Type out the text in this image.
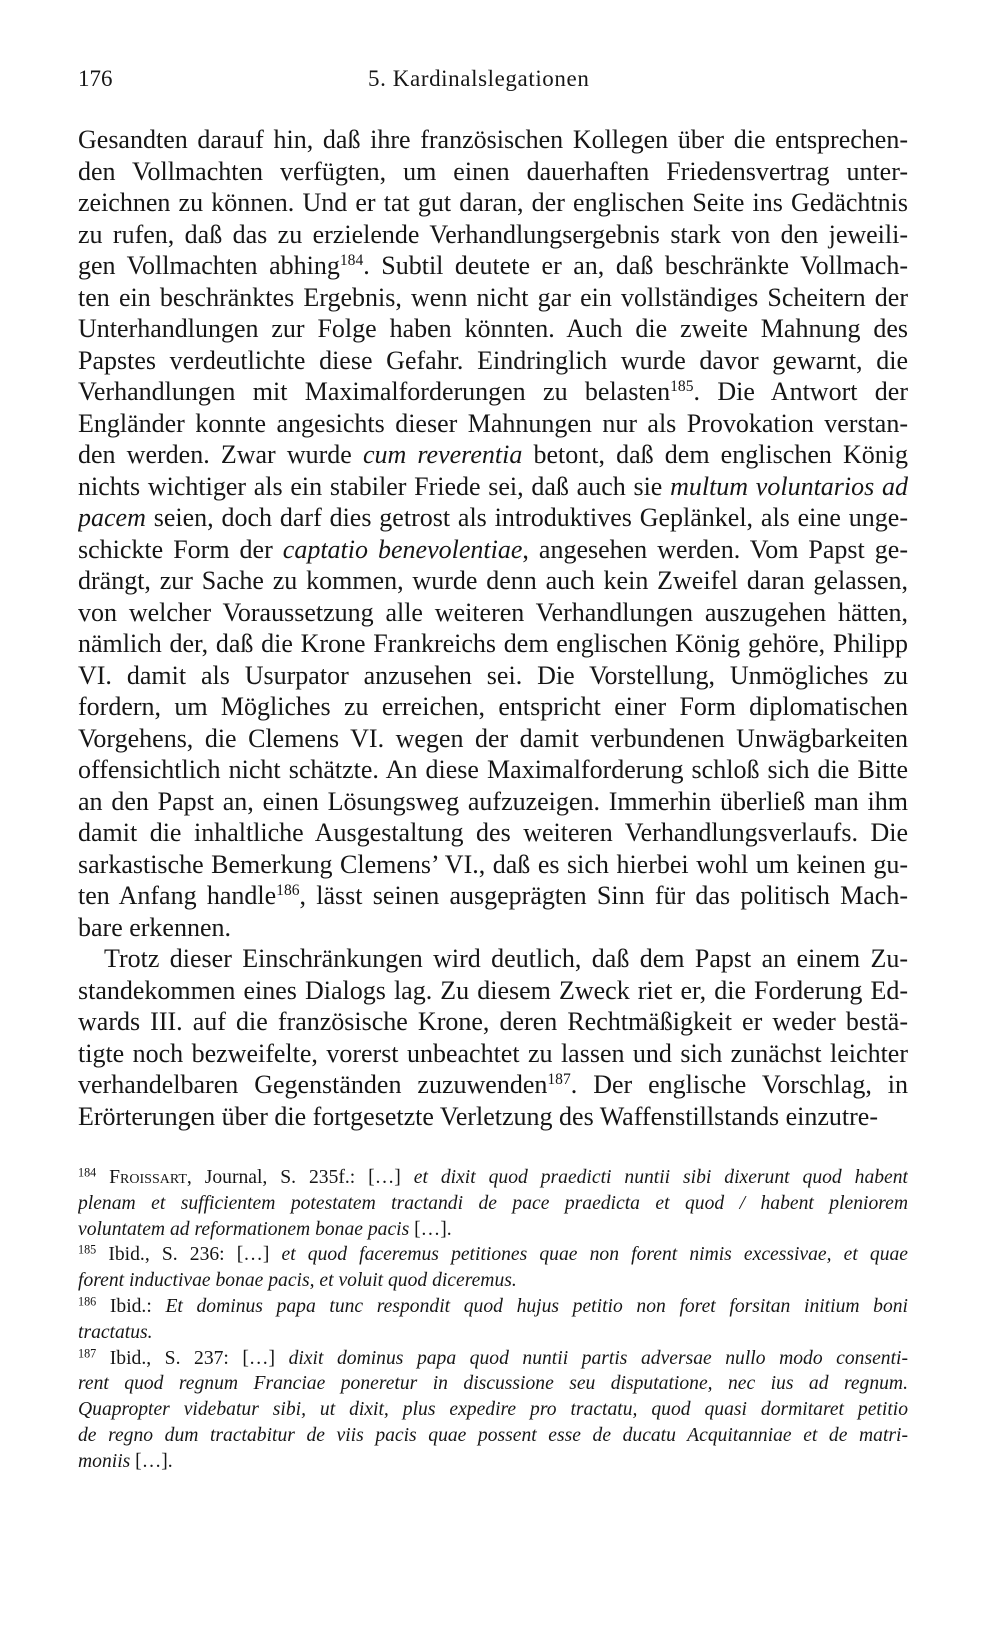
176	5. Kardinalslegationen
Gesandten darauf hin, daß ihre französischen Kollegen über die entsprechen-
den Vollmachten verfügten, um einen dauerhaften Friedensvertrag unter-
zeichnen zu können. Und er tat gut daran, der englischen Seite ins Gedächtnis
zu rufen, daß das zu erzielende Verhandlungsergebnis stark von den jeweili-
gen Vollmachten abhing$^{184}$. Subtil deutete er an, daß beschränkte Vollmach-
ten ein beschränktes Ergebnis, wenn nicht gar ein vollständiges Scheitern der
Unterhandlungen zur Folge haben könnten. Auch die zweite Mahnung des
Papstes verdeutlichte diese Gefahr. Eindringlich wurde davor gewarnt, die
Verhandlungen mit Maximalforderungen zu belasten$^{185}$. Die Antwort der
Engländer konnte angesichts dieser Mahnungen nur als Provokation verstan-
den werden. Zwar wurde cum reverentia betont, daß dem englischen König
nichts wichtiger als ein stabiler Friede sei, daß auch sie multum voluntarios ad
pacem seien, doch darf dies getrost als introduktives Geplänkel, als eine unge-
schickte Form der captatio benevolentiae, angesehen werden. Vom Papst ge-
drängt, zur Sache zu kommen, wurde denn auch kein Zweifel daran gelassen,
von welcher Voraussetzung alle weiteren Verhandlungen auszugehen hätten,
nämlich der, daß die Krone Frankreichs dem englischen König gehöre, Philipp
VI. damit als Usurpator anzusehen sei. Die Vorstellung, Unmögliches zu
fordern, um Mögliches zu erreichen, entspricht einer Form diplomatischen
Vorgehens, die Clemens VI. wegen der damit verbundenen Unwägbarkeiten
offensichtlich nicht schätzte. An diese Maximalforderung schloß sich die Bitte
an den Papst an, einen Lösungsweg aufzuzeigen. Immerhin überließ man ihm
damit die inhaltliche Ausgestaltung des weiteren Verhandlungsverlaufs. Die
sarkastische Bemerkung Clemens’ VI., daß es sich hierbei wohl um keinen gu-
ten Anfang handle$^{186}$, lässt seinen ausgeprägten Sinn für das politisch Mach-
bare erkennen.
Trotz dieser Einschränkungen wird deutlich, daß dem Papst an einem Zu-
standekommen eines Dialogs lag. Zu diesem Zweck riet er, die Forderung Ed-
wards III. auf die französische Krone, deren Rechtmäßigkeit er weder bestä-
tigte noch bezweifelte, vorerst unbeachtet zu lassen und sich zunächst leichter
verhandelbaren Gegenständen zuzuwenden$^{187}$. Der englische Vorschlag, in
Erörterungen über die fortgesetzte Verletzung des Waffenstillstands einzutre-
$^{184}$ Froissart, Journal, S. 235f.: […] et dixit quod praedicti nuntii sibi dixerunt quod habent
plenam et sufficientem potestatem tractandi de pace praedicta et quod / habent pleniorem
voluntatem ad reformationem bonae pacis […].
$^{185}$ Ibid., S. 236: […] et quod faceremus petitiones quae non forent nimis excessivae, et quae
forent inductivae bonae pacis, et voluit quod diceremus.
$^{186}$ Ibid.: Et dominus papa tunc respondit quod hujus petitio non foret forsitan initium boni
tractatus.
$^{187}$ Ibid., S. 237: […] dixit dominus papa quod nuntii partis adversae nullo modo consenti-
rent quod regnum Franciae poneretur in discussione seu disputatione, nec ius ad regnum.
Quapropter videbatur sibi, ut dixit, plus expedire pro tractatu, quod quasi dormitaret petitio
de regno dum tractabitur de viis pacis quae possent esse de ducatu Acquitanniae et de matri-
moniis […].
